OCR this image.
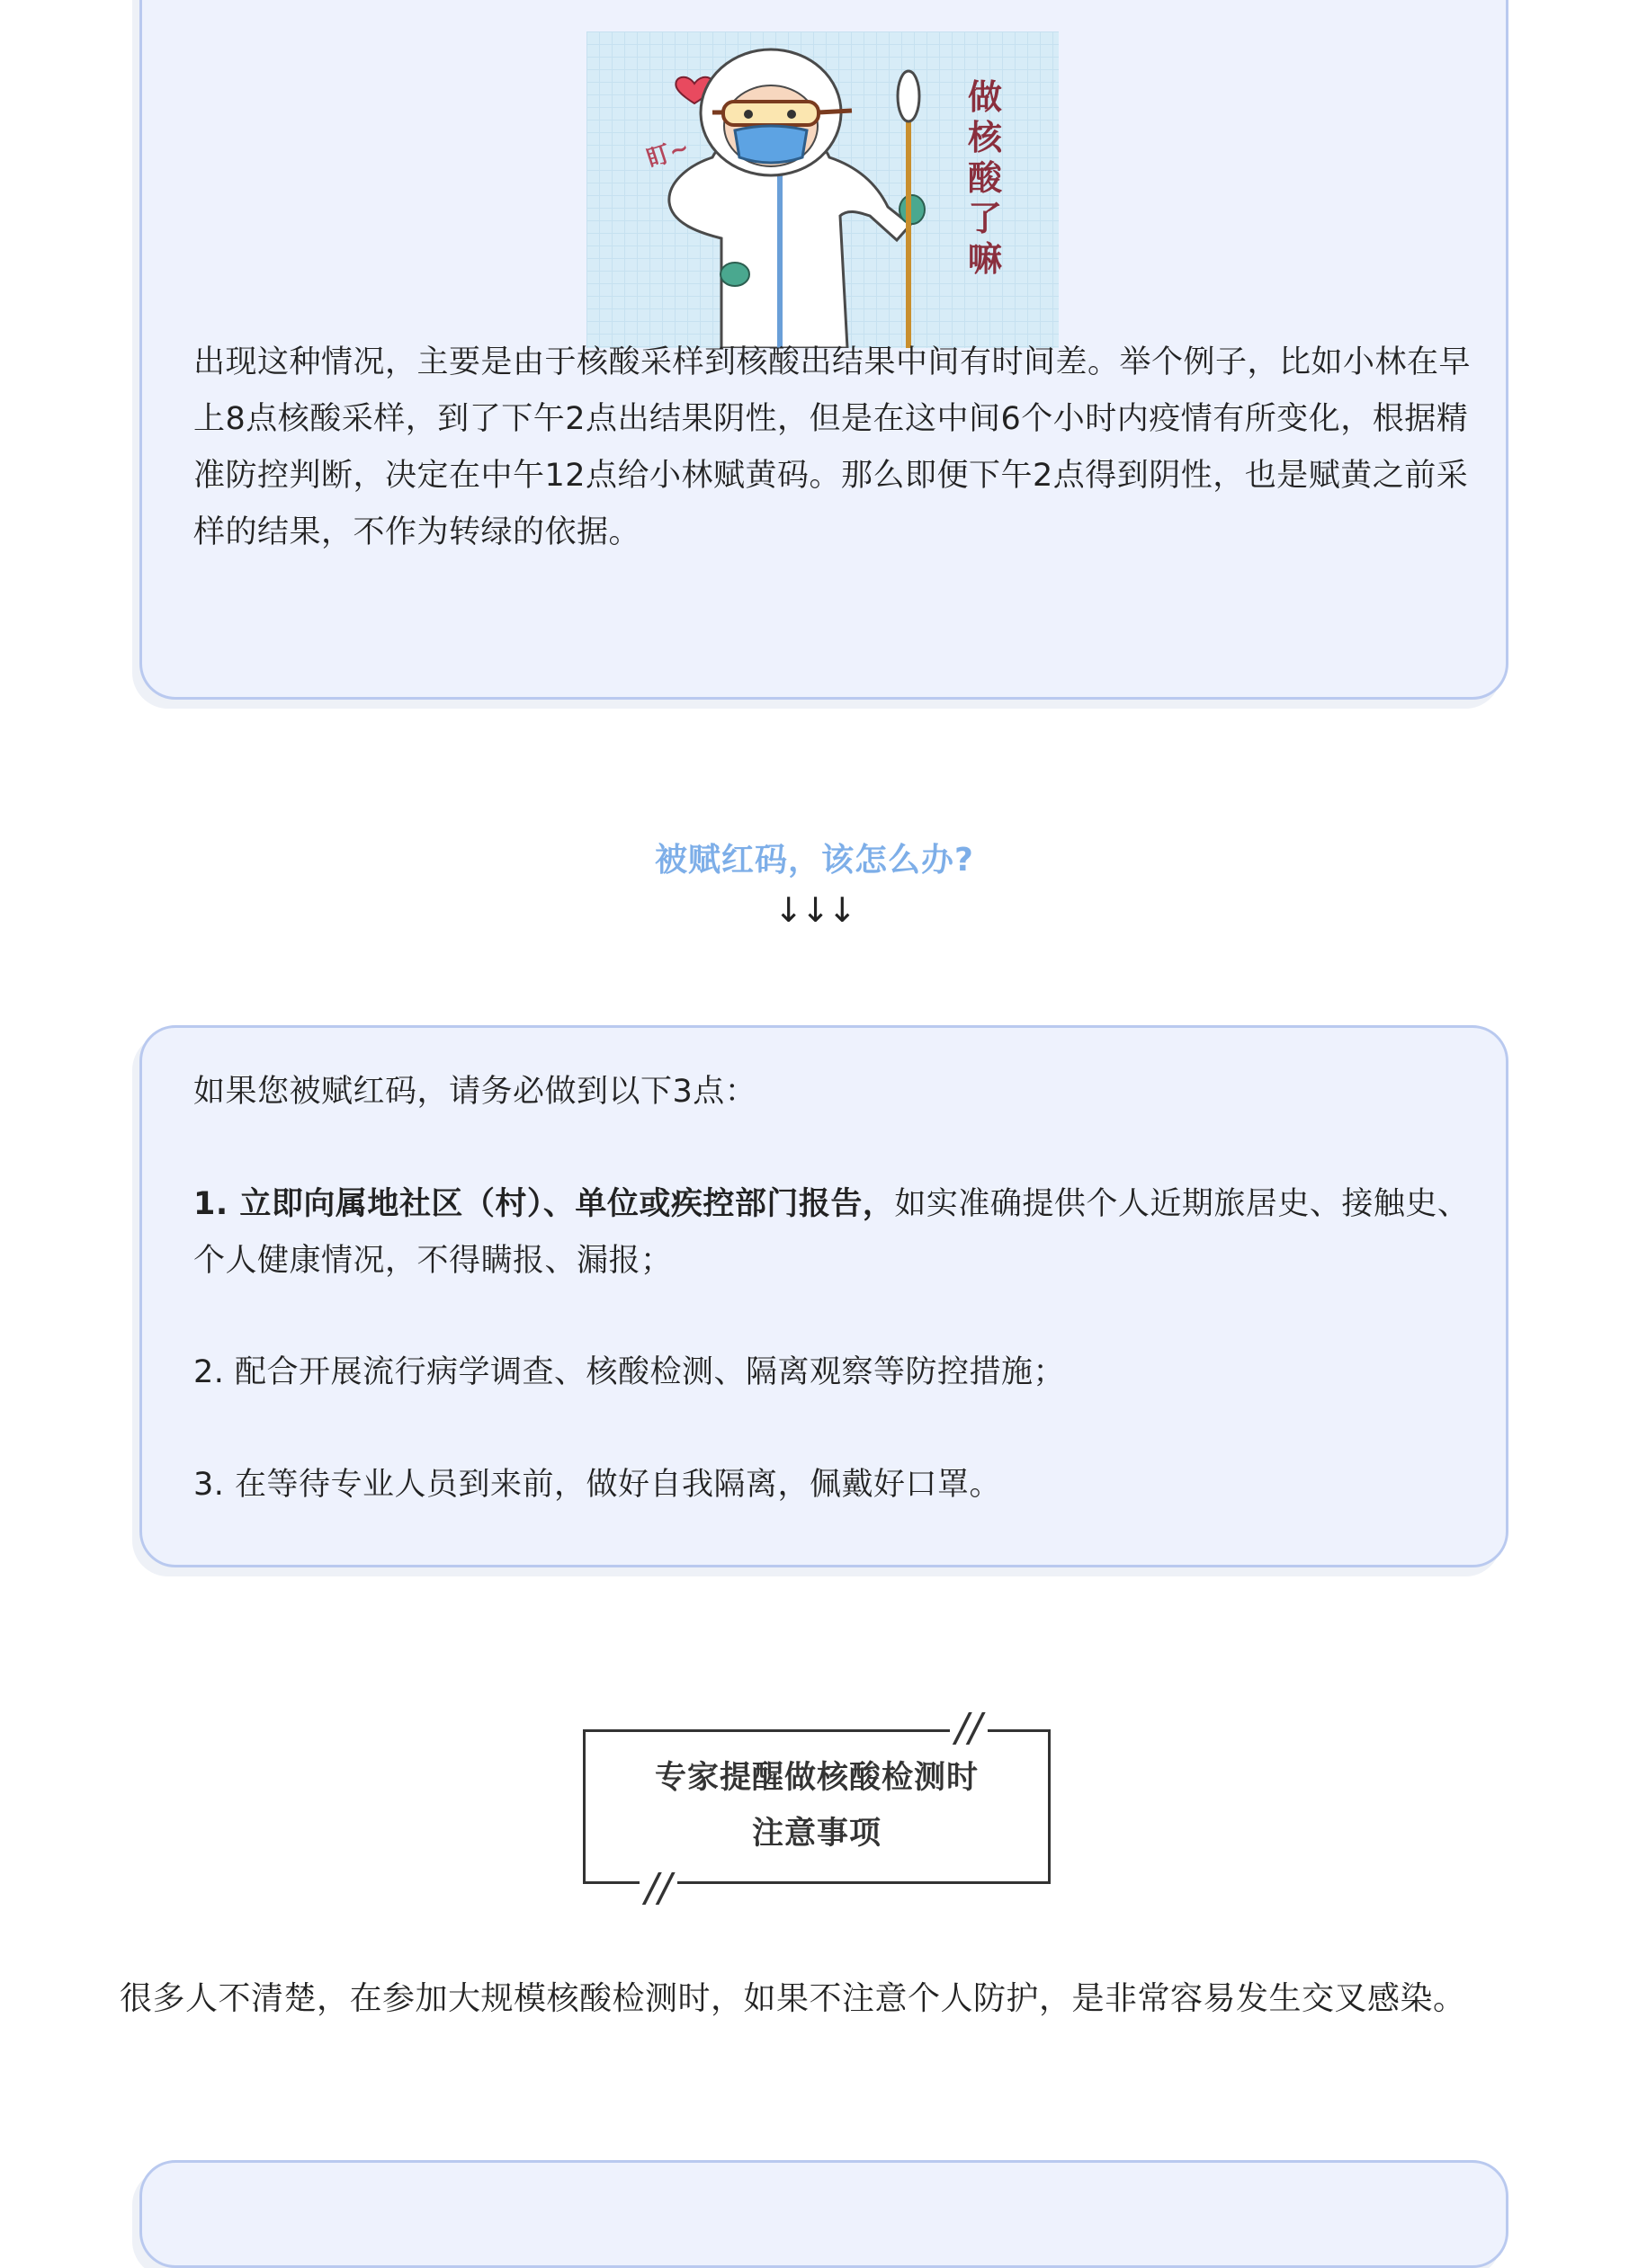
盯~
做
核
酸
了
嘛

出现这种情况，主要是由于核酸采样到核酸出结果中间有时间差。举个例子，比如小林在早上8点核酸采样，到了下午2点出结果阴性，但是在这中间6个小时内疫情有所变化，根据精准防控判断，决定在中午12点给小林赋黄码。那么即便下午2点得到阴性，也是赋黄之前采样的结果，不作为转绿的依据。

被赋红码，该怎么办?
↓↓↓

如果您被赋红码，请务必做到以下3点：

1. 立即向属地社区（村）、单位或疾控部门报告，如实准确提供个人近期旅居史、接触史、个人健康情况，不得瞒报、漏报；

2. 配合开展流行病学调查、核酸检测、隔离观察等防控措施；

3. 在等待专业人员到来前，做好自我隔离，佩戴好口罩。

//
专家提醒做核酸检测时
注意事项
//

很多人不清楚，在参加大规模核酸检测时，如果不注意个人防护，是非常容易发生交叉感染。
